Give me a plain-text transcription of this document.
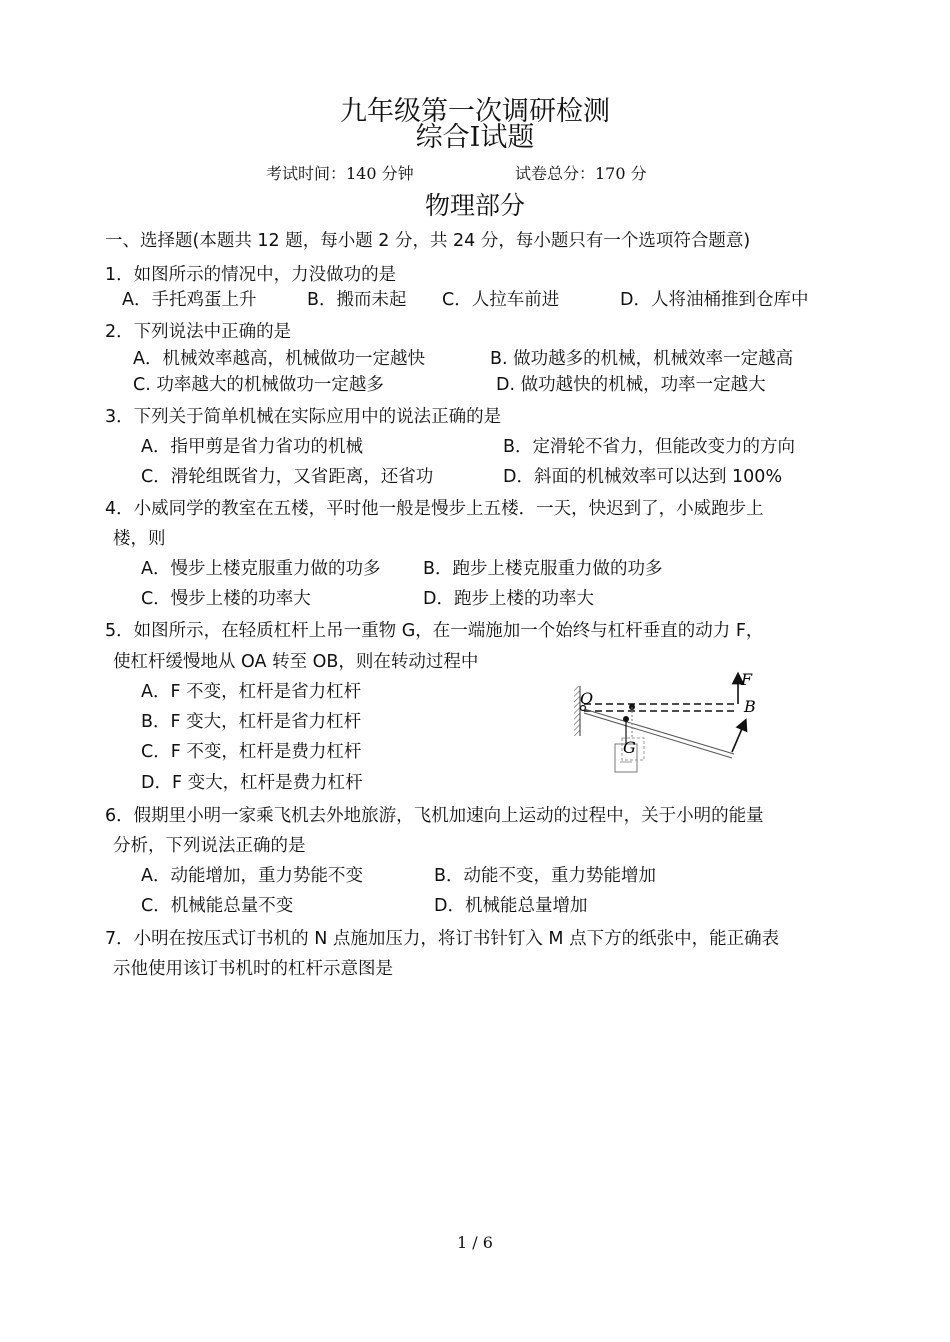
九年级第一次调研检测
综合Ⅰ试题
考试时间：140 分钟	试卷总分：170 分
物理部分
一、选择题(本题共 12 题，每小题 2 分，共 24 分，每小题只有一个选项符合题意)
1．如图所示的情况中，力没做功的是
A．手托鸡蛋上升	B．搬而未起 C．人拉车前进	D．人将油桶推到仓库中
2．下列说法中正确的是
A．机械效率越高，机械做功一定越快	B. 做功越多的机械，机械效率一定越高
C. 功率越大的机械做功一定越多	D. 做功越快的机械，功率一定越大
3．下列关于简单机械在实际应用中的说法正确的是
A．指甲剪是省力省功的机械	B．定滑轮不省力，但能改变力的方向
C．滑轮组既省力，又省距离，还省功	D．斜面的机械效率可以达到 100%
4．小威同学的教室在五楼，平时他一般是慢步上五楼．一天，快迟到了，小威跑步上
楼，则
A．慢步上楼克服重力做的功多 B．跑步上楼克服重力做的功多
C．慢步上楼的功率大	D．跑步上楼的功率大
5．如图所示，在轻质杠杆上吊一重物 G，在一端施加一个始终与杠杆垂直的动力 F，
使杠杆缓慢地从 OA 转至 OB，则在转动过程中
A．F 不变，杠杆是省力杠杆
B．F 变大，杠杆是省力杠杆
C．F 不变，杠杆是费力杠杆
D．F 变大，杠杆是费力杠杆
O
F
B
G
6．假期里小明一家乘飞机去外地旅游，飞机加速向上运动的过程中，关于小明的能量
分析，下列说法正确的是
A．动能增加，重力势能不变	B．动能不变，重力势能增加
C．机械能总量不变	D．机械能总量增加
7．小明在按压式订书机的 N 点施加压力，将订书针钉入 M 点下方的纸张中，能正确表
示他使用该订书机时的杠杆示意图是
1 / 6
